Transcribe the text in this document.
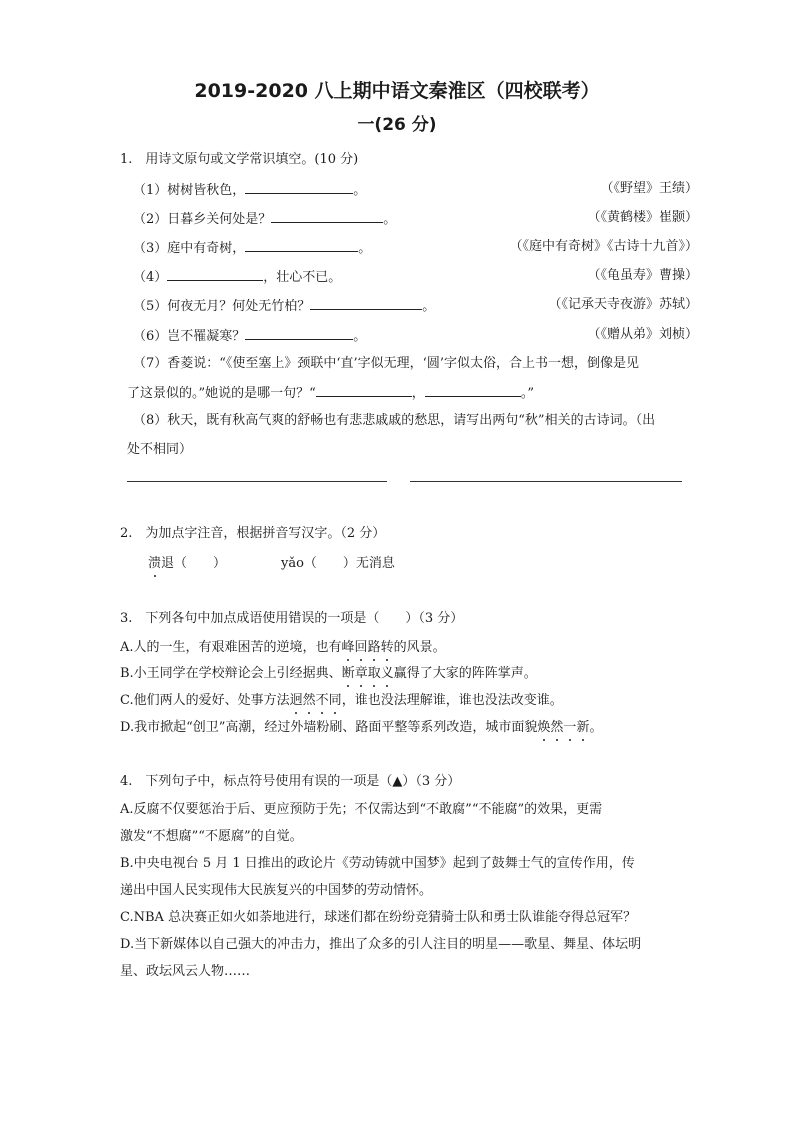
2019-2020 八上期中语文秦淮区（四校联考）
一(26 分)
1.　用诗文原句或文学常识填空。(10 分)
（1）树树皆秋色，	。	（《野望》王绩）
（2）日暮乡关何处是？	。	（《黄鹤楼》崔颢）
（3）庭中有奇树，	。	（《庭中有奇树》《古诗十九首》）
（4）	，壮心不已。	（《龟虽寿》曹操）
（5）何夜无月？何处无竹柏？	。	（《记承天寺夜游》苏轼）
（6）岂不罹凝寒？	。	（《赠从弟》刘桢）
（7）香菱说：“《使至塞上》颈联中‘直’字似无理，‘圆’字似太俗，合上书一想，倒像是见
了这景似的。”她说的是哪一句？“	，	。”
（8）秋天，既有秋高气爽的舒畅也有悲悲戚戚的愁思，请写出两句“秋”相关的古诗词。（出
处不相同）
2.　为加点字注音，根据拼音写汉字。（2 分）
溃退（　　）	yǎo（　　）无消息
3.　下列各句中加点成语使用错误的一项是（　　）（3 分）
A.人的一生，有艰难困苦的逆境，也有峰回路转的风景。
B.小王同学在学校辩论会上引经据典、断章取义赢得了大家的阵阵掌声。
C.他们两人的爱好、处事方法迥然不同，谁也没法理解谁，谁也没法改变谁。
D.我市掀起“创卫”高潮，经过外墙粉刷、路面平整等系列改造，城市面貌焕然一新。
4.　下列句子中，标点符号使用有误的一项是（▲）（3 分）
A.反腐不仅要惩治于后、更应预防于先；不仅需达到“不敢腐”“不能腐”的效果，更需
激发“不想腐”“不愿腐”的自觉。
B.中央电视台 5 月 1 日推出的政论片《劳动铸就中国梦》起到了鼓舞士气的宣传作用，传
递出中国人民实现伟大民族复兴的中国梦的劳动情怀。
C.NBA 总决赛正如火如荼地进行，球迷们都在纷纷竞猜骑士队和勇士队谁能夺得总冠军？
D.当下新媒体以自己强大的冲击力，推出了众多的引人注目的明星——歌星、舞星、体坛明
星、政坛风云人物……
